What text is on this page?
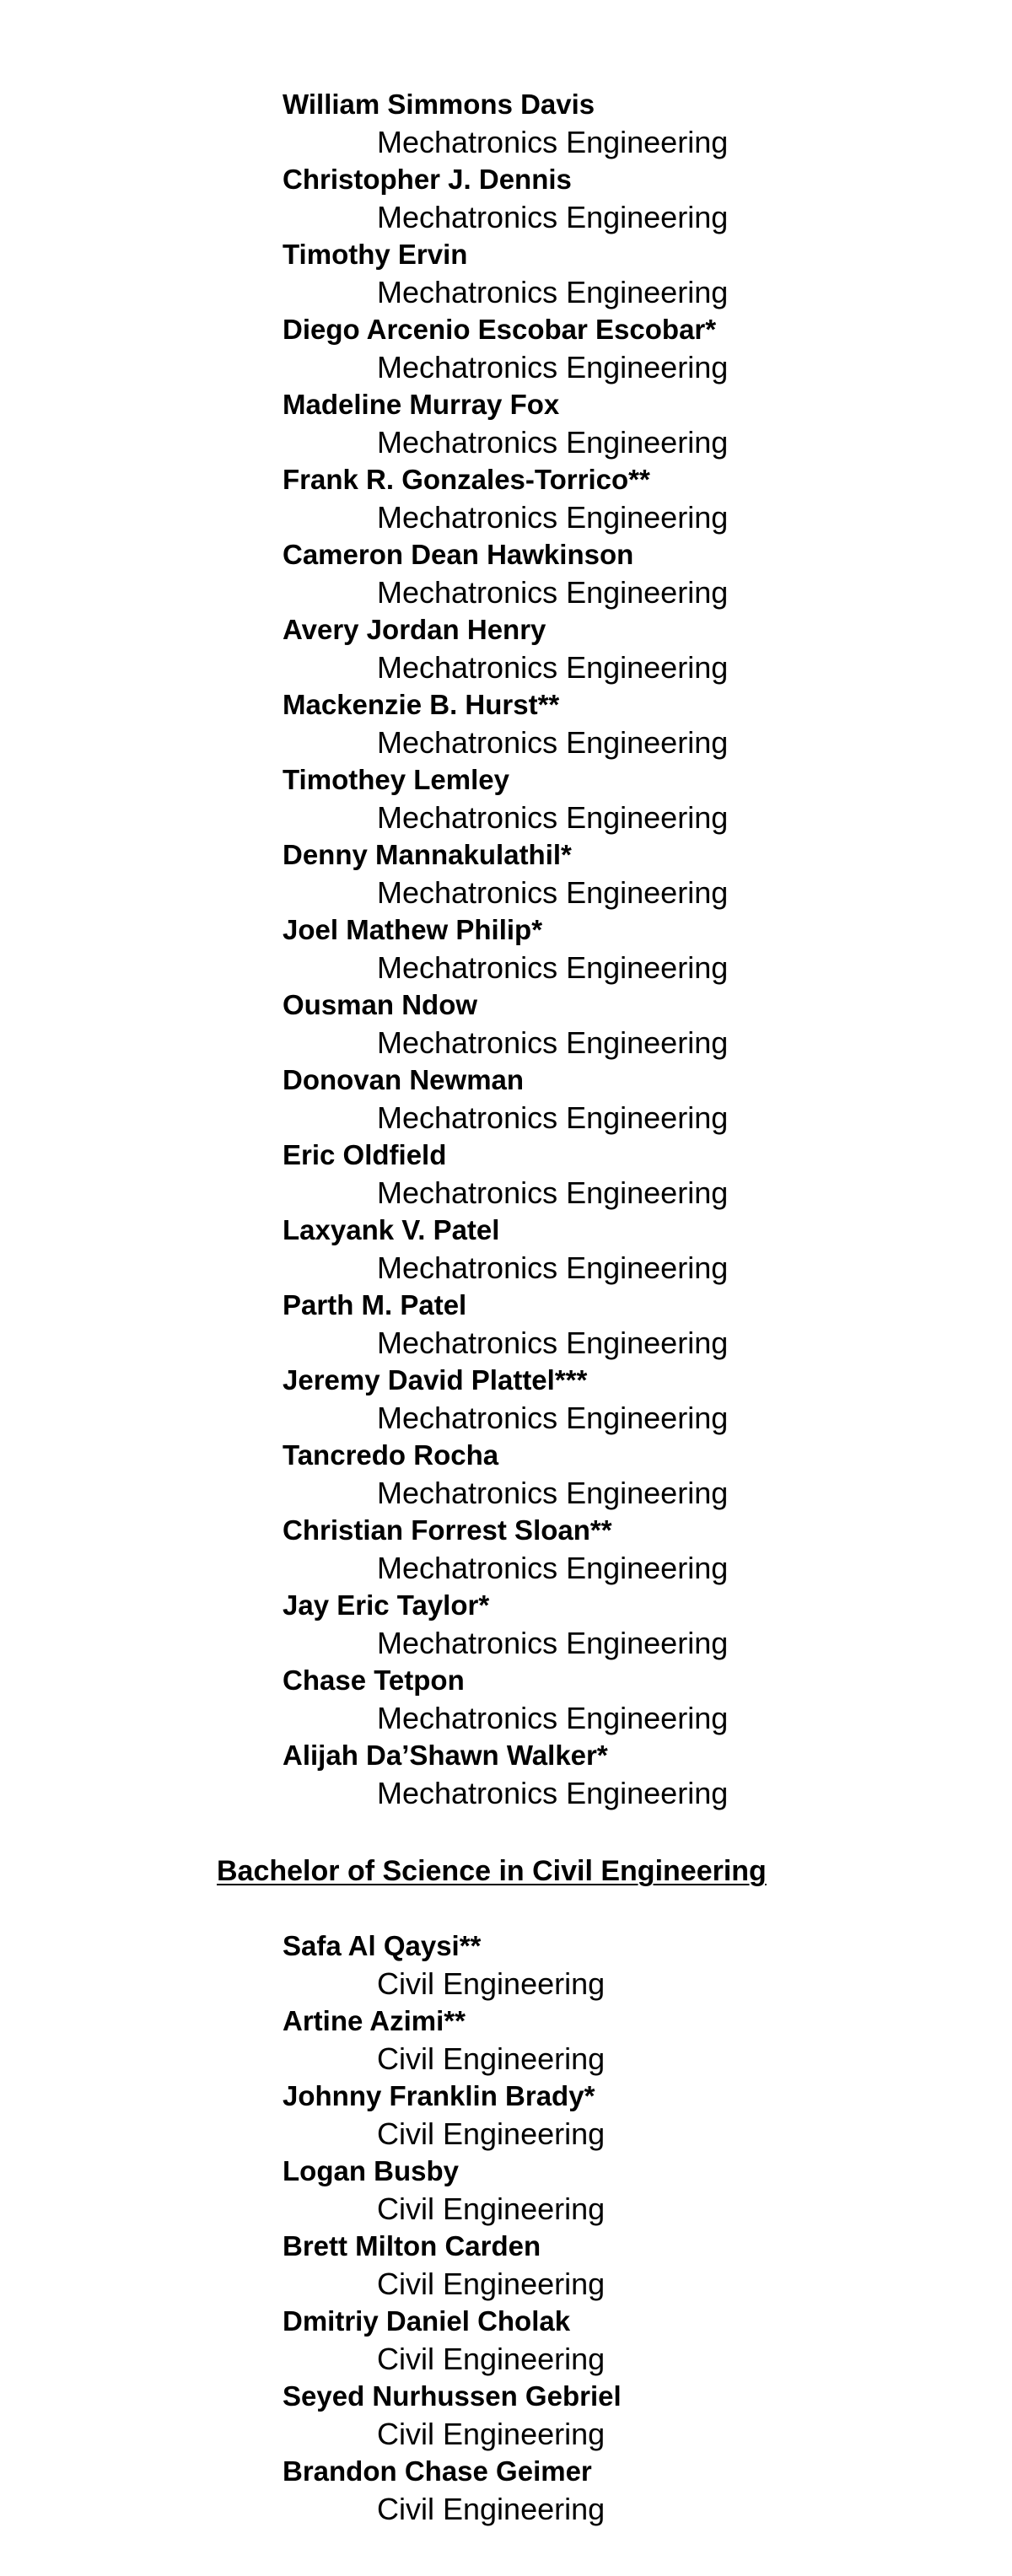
William Simmons Davis
Mechatronics Engineering
Christopher J. Dennis
Mechatronics Engineering
Timothy Ervin
Mechatronics Engineering
Diego Arcenio Escobar Escobar*
Mechatronics Engineering
Madeline Murray Fox
Mechatronics Engineering
Frank R. Gonzales-Torrico**
Mechatronics Engineering
Cameron Dean Hawkinson
Mechatronics Engineering
Avery Jordan Henry
Mechatronics Engineering
Mackenzie B. Hurst**
Mechatronics Engineering
Timothey Lemley
Mechatronics Engineering
Denny Mannakulathil*
Mechatronics Engineering
Joel Mathew Philip*
Mechatronics Engineering
Ousman Ndow
Mechatronics Engineering
Donovan Newman
Mechatronics Engineering
Eric Oldfield
Mechatronics Engineering
Laxyank V. Patel
Mechatronics Engineering
Parth M. Patel
Mechatronics Engineering
Jeremy David Plattel***
Mechatronics Engineering
Tancredo Rocha
Mechatronics Engineering
Christian Forrest Sloan**
Mechatronics Engineering
Jay Eric Taylor*
Mechatronics Engineering
Chase Tetpon
Mechatronics Engineering
Alijah Da’Shawn Walker*
Mechatronics Engineering
Bachelor of Science in Civil Engineering
Safa Al Qaysi**
Civil Engineering
Artine Azimi**
Civil Engineering
Johnny Franklin Brady*
Civil Engineering
Logan Busby
Civil Engineering
Brett Milton Carden
Civil Engineering
Dmitriy Daniel Cholak
Civil Engineering
Seyed Nurhussen Gebriel
Civil Engineering
Brandon Chase Geimer
Civil Engineering
